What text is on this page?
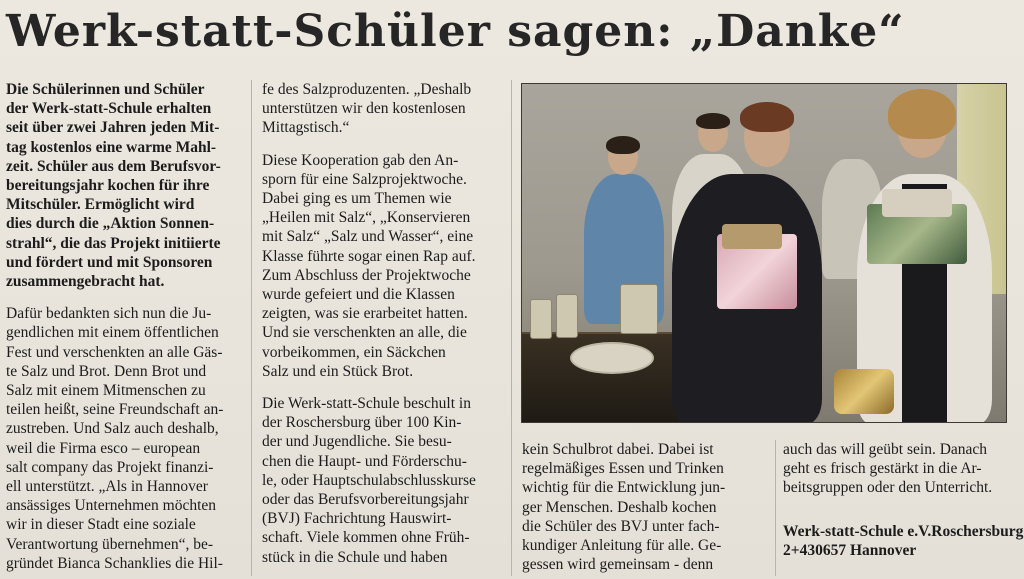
Werk-statt-Schüler sagen: „Danke“
Die Schülerinnen und Schüler
der Werk-statt-Schule erhalten
seit über zwei Jahren jeden Mit-
tag kostenlos eine warme Mahl-
zeit. Schüler aus dem Berufsvor-
bereitungsjahr kochen für ihre
Mitschüler. Ermöglicht wird
dies durch die „Aktion Sonnen-
strahl“, die das Projekt initiierte
und fördert und mit Sponsoren
zusammengebracht hat.
Dafür bedankten sich nun die Ju-
gendlichen mit einem öffentlichen
Fest und verschenkten an alle Gäs-
te Salz und Brot. Denn Brot und
Salz mit einem Mitmenschen zu
teilen heißt, seine Freundschaft an-
zustreben. Und Salz auch deshalb,
weil die Firma esco – european
salt company das Projekt finanzi-
ell unterstützt. „Als in Hannover
ansässiges Unternehmen möchten
wir in dieser Stadt eine soziale
Verantwortung übernehmen“, be-
gründet Bianca Schanklies die Hil-
fe des Salzproduzenten. „Deshalb
unterstützen wir den kostenlosen
Mittagstisch.“
Diese Kooperation gab den An-
sporn für eine Salzprojektwoche.
Dabei ging es um Themen wie
„Heilen mit Salz“, „Konservieren
mit Salz“ „Salz und Wasser“, eine
Klasse führte sogar einen Rap auf.
Zum Abschluss der Projektwoche
wurde gefeiert und die Klassen
zeigten, was sie erarbeitet hatten.
Und sie verschenkten an alle, die
vorbeikommen, ein Säckchen
Salz und ein Stück Brot.
Die Werk-statt-Schule beschult in
der Roschersburg über 100 Kin-
der und Jugendliche. Sie besu-
chen die Haupt- und Förderschu-
le, oder Hauptschulabschlusskurse
oder das Berufsvorbereitungsjahr
(BVJ) Fachrichtung Hauswirt-
schaft. Viele kommen ohne Früh-
stück in die Schule und haben
kein Schulbrot dabei. Dabei ist
regelmäßiges Essen und Trinken
wichtig für die Entwicklung jun-
ger Menschen. Deshalb kochen
die Schüler des BVJ unter fach-
kundiger Anleitung für alle. Ge-
gessen wird gemeinsam - denn
auch das will geübt sein. Danach
geht es frisch gestärkt in die Ar-
beitsgruppen oder den Unterricht.
Werk-statt-Schule e.V.Roschersburg 2+430657 Hannover
